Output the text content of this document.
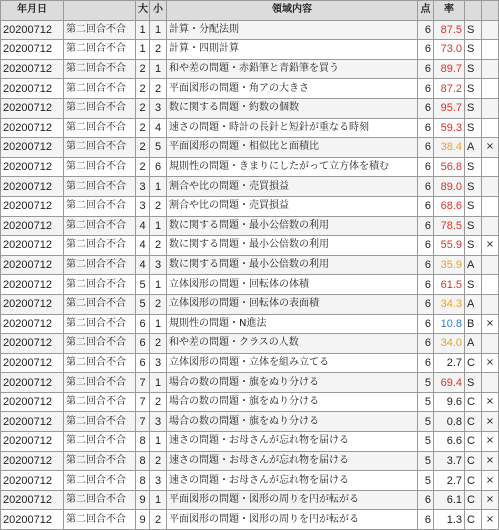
年月日		大	小	領域内容	点	率		
20200712	第二回合不合	1	1	計算・分配法則	6	87.5	S	
20200712	第二回合不合	1	2	計算・四則計算	6	73.0	S	
20200712	第二回合不合	2	1	和や差の問題・赤鉛筆と青鉛筆を買う	6	89.7	S	
20200712	第二回合不合	2	2	平面図形の問題・角アの大きさ	6	87.2	S	
20200712	第二回合不合	2	3	数に関する問題・約数の個数	6	95.7	S	
20200712	第二回合不合	2	4	速さの問題・時計の長針と短針が重なる時刻	6	59.3	S	
20200712	第二回合不合	2	5	平面図形の問題・相似比と面積比	6	38.4	A	×
20200712	第二回合不合	2	6	規則性の問題・きまりにしたがって立方体を積む	6	56.8	S	
20200712	第二回合不合	3	1	割合や比の問題・売買損益	6	89.0	S	
20200712	第二回合不合	3	2	割合や比の問題・売買損益	6	68.6	S	
20200712	第二回合不合	4	1	数に関する問題・最小公倍数の利用	6	78.5	S	
20200712	第二回合不合	4	2	数に関する問題・最小公倍数の利用	6	55.9	S	×
20200712	第二回合不合	4	3	数に関する問題・最小公倍数の利用	6	35.9	A	
20200712	第二回合不合	5	1	立体図形の問題・回転体の体積	6	61.5	S	
20200712	第二回合不合	5	2	立体図形の問題・回転体の表面積	6	34.3	A	
20200712	第二回合不合	6	1	規則性の問題・N進法	6	10.8	B	×
20200712	第二回合不合	6	2	和や差の問題・クラスの人数	6	34.0	A	
20200712	第二回合不合	6	3	立体図形の問題・立体を組み立てる	6	2.7	C	×
20200712	第二回合不合	7	1	場合の数の問題・旗をぬり分ける	5	69.4	S	
20200712	第二回合不合	7	2	場合の数の問題・旗をぬり分ける	5	9.6	C	×
20200712	第二回合不合	7	3	場合の数の問題・旗をぬり分ける	5	0.8	C	×
20200712	第二回合不合	8	1	速さの問題・お母さんが忘れ物を届ける	5	6.6	C	×
20200712	第二回合不合	8	2	速さの問題・お母さんが忘れ物を届ける	5	3.7	C	×
20200712	第二回合不合	8	3	速さの問題・お母さんが忘れ物を届ける	5	2.7	C	×
20200712	第二回合不合	9	1	平面図形の問題・図形の周りを円が転がる	6	6.1	C	×
20200712	第二回合不合	9	2	平面図形の問題・図形の周りを円が転がる	6	1.3	C	×
